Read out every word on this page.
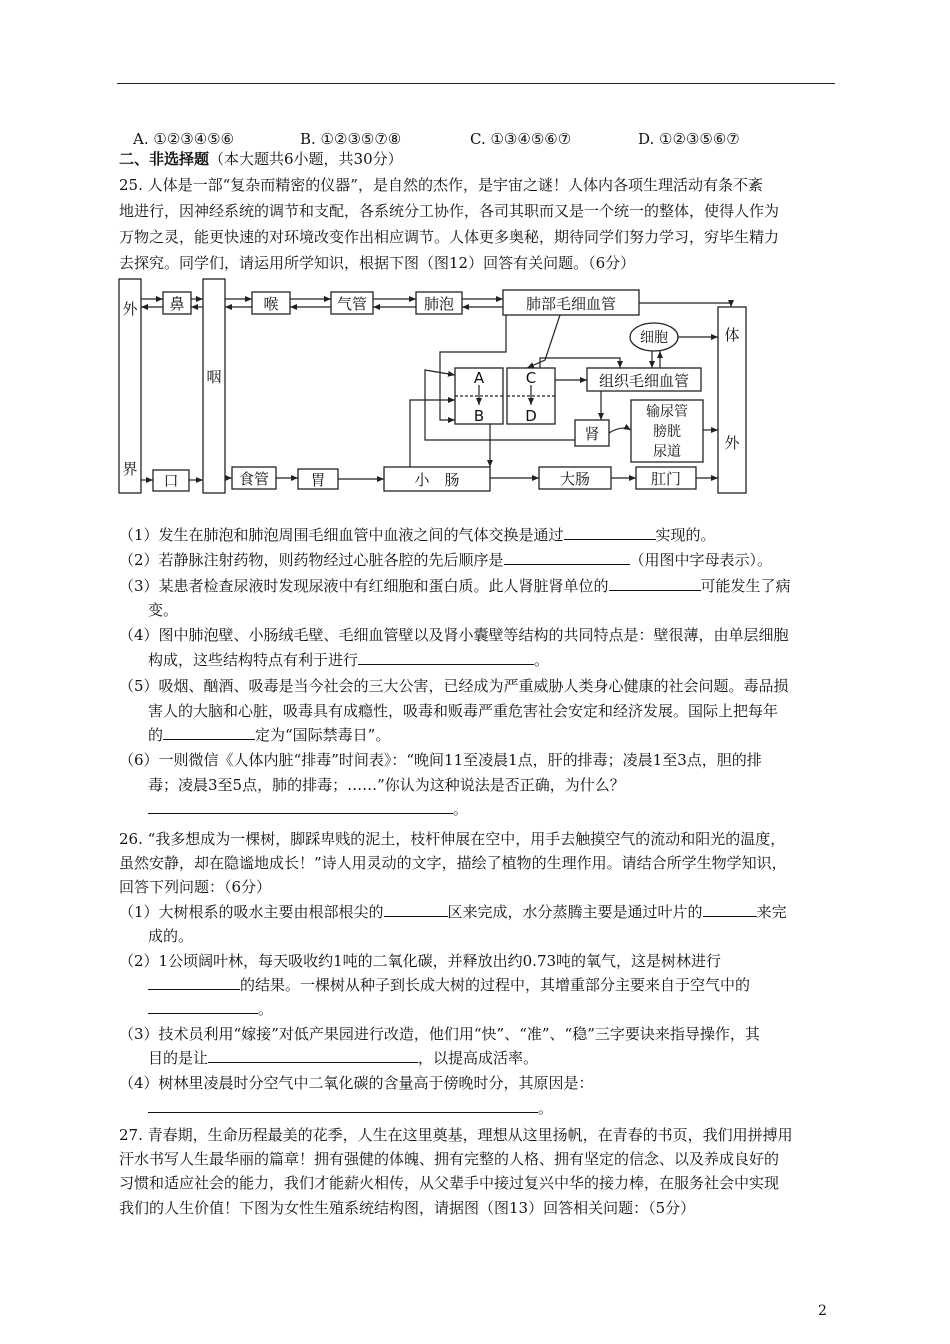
A. ①②③④⑤⑥	B. ①②③⑤⑦⑧	C. ①③④⑤⑥⑦	D. ①②③⑤⑥⑦
二、非选择题（本大题共6小题，共30分）
25. 人体是一部“复杂而精密的仪器”，是自然的杰作，是宇宙之谜！人体内各项生理活动有条不紊
地进行，因神经系统的调节和支配，各系统分工协作，各司其职而又是一个统一的整体，使得人作为
万物之灵，能更快速的对环境改变作出相应调节。人体更多奥秘，期待同学们努力学习，穷毕生精力
去探究。同学们，请运用所学知识，根据下图（图12）回答有关问题。（6分）
外
界
咽
鼻	喉	气管	肺泡	肺部毛细血管
细胞
组织毛细血管
体
外
A
B
C
D
肾
输尿管
膀胱
尿道
口	食管	胃	小　肠	大肠	肛门
（1）发生在肺泡和肺泡周围毛细血管中血液之间的气体交换是通过	实现的。
（2）若静脉注射药物，则药物经过心脏各腔的先后顺序是	（用图中字母表示）。
（3）某患者检查尿液时发现尿液中有红细胞和蛋白质。此人肾脏肾单位的	可能发生了病
变。
（4）图中肺泡壁、小肠绒毛壁、毛细血管壁以及肾小囊壁等结构的共同特点是：壁很薄，由单层细胞
构成，这些结构特点有利于进行	。
（5）吸烟、酗酒、吸毒是当今社会的三大公害，已经成为严重威胁人类身心健康的社会问题。毒品损
害人的大脑和心脏，吸毒具有成瘾性，吸毒和贩毒严重危害社会安定和经济发展。国际上把每年
的	定为“国际禁毒日”。
（6）一则微信《人体内脏“排毒”时间表》：“晚间11至凌晨1点，肝的排毒；凌晨1至3点，胆的排
毒；凌晨3至5点，肺的排毒；……”你认为这种说法是否正确，为什么？
。
26. “我多想成为一棵树，脚踩卑贱的泥土，枝杆伸展在空中，用手去触摸空气的流动和阳光的温度，
虽然安静，却在隐谧地成长！”诗人用灵动的文字，描绘了植物的生理作用。请结合所学生物学知识，
回答下列问题：（6分）
（1）大树根系的吸水主要由根部根尖的	区来完成，水分蒸腾主要是通过叶片的	来完
成的。
（2）1公顷阔叶林，每天吸收约1吨的二氧化碳，并释放出约0.73吨的氧气，这是树林进行
的结果。一棵树从种子到长成大树的过程中，其增重部分主要来自于空气中的
。
（3）技术员利用“嫁接”对低产果园进行改造，他们用“快”、“准”、“稳”三字要诀来指导操作，其
目的是让	，以提高成活率。
（4）树林里凌晨时分空气中二氧化碳的含量高于傍晚时分，其原因是：
。
27. 青春期，生命历程最美的花季，人生在这里奠基，理想从这里扬帆，在青春的书页，我们用拼搏用
汗水书写人生最华丽的篇章！拥有强健的体魄、拥有完整的人格、拥有坚定的信念、以及养成良好的
习惯和适应社会的能力，我们才能薪火相传，从父辈手中接过复兴中华的接力棒，在服务社会中实现
我们的人生价值！下图为女性生殖系统结构图，请据图（图13）回答相关问题：（5分）
2
